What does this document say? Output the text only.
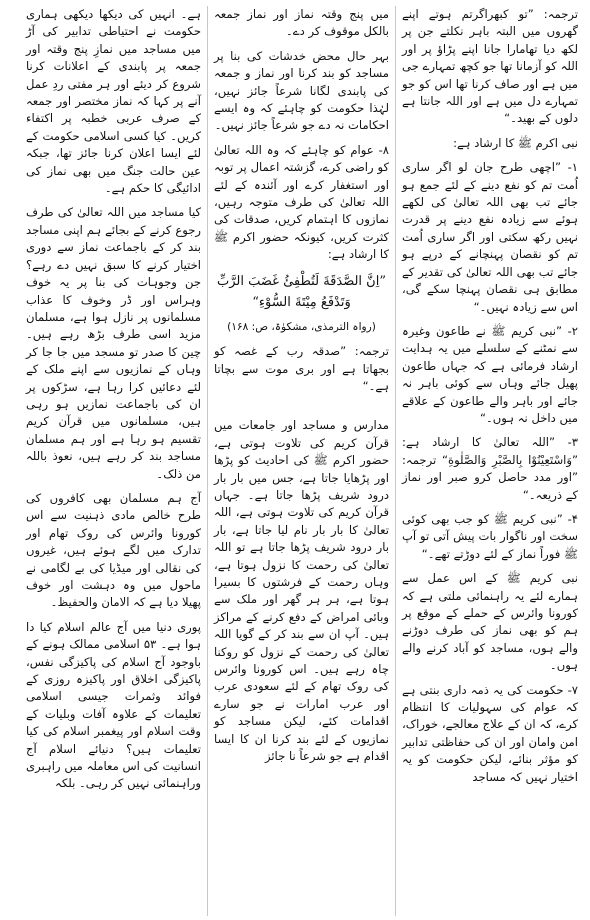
ترجمہ: ”تو کبھراگرتم ہوتے اپنے گھروں میں البتہ باہر نکلتے جن پر لکھ دیا تھامارا جانا اپنے پڑاؤ پر اور اللہ کو آزمانا تھا جو کچھ تمہارے جی میں ہے اور صاف کرنا تھا اس کو جو تمہارے دل میں ہے اور اللہ جانتا ہے دلوں کے بھید۔“

نبی اکرم ﷺ کا ارشاد ہے:

۱- ”اچھی طرح جان لو اگر ساری اُمت تم کو نفع دینے کے لئے جمع ہو جائے تب بھی اللہ تعالیٰ کی لکھے ہوئے سے زیادہ نفع دینے پر قدرت نہیں رکھ سکتی اور اگر ساری اُمت تم کو نقصان پہنچانے کے درپے ہو جائے تب بھی اللہ تعالیٰ کی تقدیر کے مطابق ہی نقصان پہنچا سکے گی، اس سے زیادہ نہیں۔“

۲- ”نبی کریم ﷺ نے طاعون وغیرہ سے نمٹنے کے سلسلے میں یہ ہدایت ارشاد فرمائی ہے کہ جہاں طاعون پھیل جائے وہاں سے کوئی باہر نہ جائے اور باہر والے طاعون کے علاقے میں داخل نہ ہوں۔“

۳- ”اللہ تعالیٰ کا ارشاد ہے: ”وَاسْتَعِيْنُوْا بِالصَّبْرِ وَالصَّلٰوةِ“ ترجمہ: ”اور مدد حاصل کرو صبر اور نماز کے ذریعہ۔“

۴- ”نبی کریم ﷺ کو جب بھی کوئی سخت اور ناگوار بات پیش آتی تو آپ ﷺ فوراً نماز کے لئے دوڑتے تھے۔“

نبی کریم ﷺ کے اس عمل سے ہمارے لئے یہ راہنمائی ملتی ہے کہ کورونا وائرس کے حملے کے موقع پر ہم کو بھی نماز کی طرف دوڑنے والے ہوں، مساجد کو آباد کرنے والے ہوں۔

۷- حکومت کی یہ ذمہ داری بنتی ہے کہ عوام کی سہولیات کا انتظام کرے، کہ ان کے علاج معالجے، خوراک، امن وامان اور ان کی حفاظتی تدابیر کو مؤثر بنائے، لیکن حکومت کو یہ اختیار نہیں کہ مساجد

میں پنج وقتہ نماز اور نماز جمعہ بالکل موقوف کر دے۔

بہر حال محض خدشات کی بنا پر مساجد کو بند کرنا اور نماز و جمعہ کی پابندی لگانا شرعاً جائز نہیں، لہٰذا حکومت کو چاہئے کہ وہ ایسے احکامات نہ دے جو شرعاً جائز نہیں۔

۸- عوام کو چاہئے کہ وہ اللہ تعالیٰ کو راضی کرے، گزشتہ اعمال پر توبہ اور استغفار کرے اور آئندہ کے لئے اللہ تعالیٰ کی طرف متوجہ رہیں، نمازوں کا اہتمام کریں، صدقات کی کثرت کریں، کیونکہ حضور اکرم ﷺ کا ارشاد ہے:

”اِنَّ الصَّدَقَةَ لَتُطْفِئُ غَضَبَ الرَّبِّ وَتَدْفَعُ مِيْتَةَ السُّوْءِ“

(رواہ الترمذی، مشکوٰۃ، ص: ۱۶۸)

ترجمہ: ”صدقہ رب کے غصہ کو بجھاتا ہے اور بری موت سے بچاتا ہے۔“

مدارس و مساجد اور جامعات میں قرآن کریم کی تلاوت ہوتی ہے، حضور اکرم ﷺ کی احادیث کو پڑھا اور پڑھایا جاتا ہے، جس میں بار بار درود شریف پڑھا جاتا ہے۔ جہاں قرآن کریم کی تلاوت ہوتی ہے، اللہ تعالیٰ کا بار بار نام لیا جاتا ہے، بار بار درود شریف پڑھا جاتا ہے تو اللہ تعالیٰ کی رحمت کا نزول ہوتا ہے، وہاں رحمت کے فرشتوں کا بسیرا ہوتا ہے، ہر ہر گھر اور ملک سے وبائی امراض کے دفع کرنے کے مراکز ہیں۔ آپ ان سے بند کر کے گویا اللہ تعالیٰ کی رحمت کے نزول کو روکنا چاہ رہے ہیں۔ اس کورونا وائرس کی روک تھام کے لئے سعودی عرب اور عرب امارات نے جو سارے اقدامات کئے، لیکن مساجد کو نمازیوں کے لئے بند کرنا ان کا ایسا اقدام ہے جو شرعاً نا جائز

ہے۔ انہیں کی دیکھا دیکھی ہماری حکومت نے احتیاطی تدابیر کی آڑ میں مساجد میں نمازِ پنج وقتہ اور جمعہ پر پابندی کے اعلانات کرنا شروع کر دیئے اور ہر مفتی ردِ عمل آنے پر کہا کہ نماز مختصر اور جمعہ کے صرف عربی خطبہ پر اکتفاء کریں۔ کیا کسی اسلامی حکومت کے لئے ایسا اعلان کرنا جائز تھا، جبکہ عین حالت جنگ میں بھی نماز کی ادائیگی کا حکم ہے۔

کیا مساجد میں اللہ تعالیٰ کی طرف رجوع کرنے کے بجائے ہم اپنی مساجد بند کر کے باجماعت نماز سے دوری اختیار کرنے کا سبق نہیں دے رہے؟ جن وجوہات کی بنا پر یہ خوف وہراس اور ڈر وخوف کا عذاب مسلمانوں پر نازل ہوا ہے، مسلمان مزید اسی طرف بڑھ رہے ہیں۔ چین کا صدر تو مسجد میں جا جا کر وہاں کے نمازیوں سے اپنے ملک کے لئے دعائیں کرا رہا ہے، سڑکوں پر ان کی باجماعت نمازیں ہو رہی ہیں، مسلمانوں میں قرآن کریم تقسیم ہو رہا ہے اور ہم مسلمان مساجد بند کر رہے ہیں، نعوذ باللہ من ذلک۔

آج ہم مسلمان بھی کافروں کی طرح خالص مادی ذہنیت سے اس کورونا وائرس کی روک تھام اور تدارک میں لگے ہوئے ہیں، غیروں کی نقالی اور میڈیا کی بے لگامی نے ماحول میں وہ دہشت اور خوف پھیلا دیا ہے کہ الامان والحفیظ۔

پوری دنیا میں آج عالم اسلام کیا دا ہوا ہے۔ ۵۳ اسلامی ممالک ہونے کے باوجود آج اسلام کی پاکیزگی نفس، پاکیزگی اخلاق اور پاکیزہ روزی کے فوائد وثمرات جیسی اسلامی تعلیمات کے علاوہ آفات وبلیات کے وقت اسلام اور پیغمبر اسلام کی کیا تعلیمات ہیں؟ دنیائے اسلام آج انسانیت کی اس معاملہ میں راہبری وراہنمائی نہیں کر رہی۔ بلکہ
